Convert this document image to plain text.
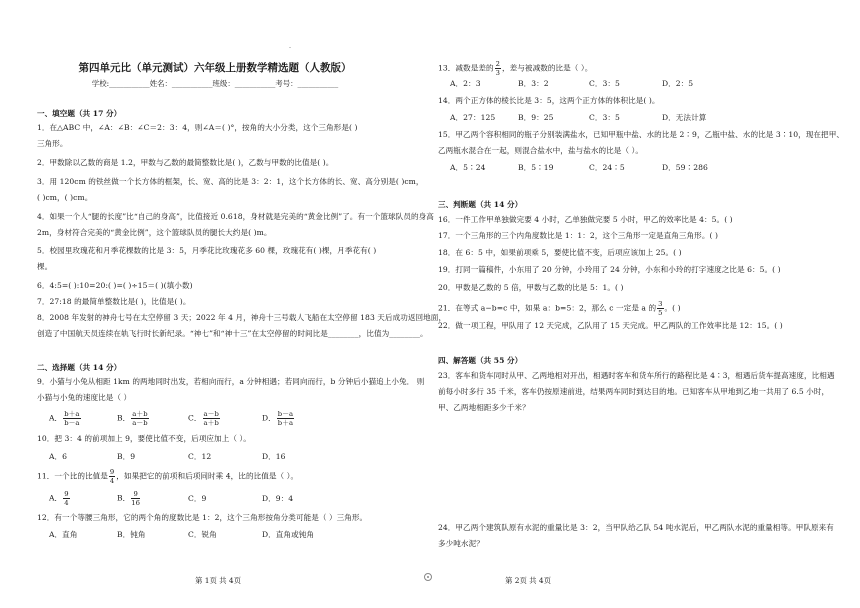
-
第四单元比（单元测试）六年级上册数学精选题（人教版）
学校:___________姓名：___________班级：___________考号：___________
一、填空题（共 17 分）
1．在△ABC 中，∠A：∠B：∠C＝2：3：4，则∠A＝( )°，按角的大小分类，这个三角形是( )
三角形。
2．甲数除以乙数的商是 1.2，甲数与乙数的最简整数比是( )，乙数与甲数的比值是( )。
3．用 120cm 的铁丝做一个长方体的框架，长、宽、高的比是 3：2：1，这个长方体的长、宽、高分别是( )cm，
( )cm，( )cm。
4．如果一个人“腿的长度”比“自己的身高”，比值接近 0.618，身材就是完美的“黄金比例”了。有一个篮球队员的身高
2m，身材符合完美的“黄金比例”，这个篮球队员的腿长大约是( )m。
5．校园里玫瑰花和月季花棵数的比是 3：5，月季花比玫瑰花多 60 棵，玫瑰花有( )棵，月季花有( )
棵。
6．4:5=( ):10=20:( )=( )÷15＝( )(填小数)
7．27:18 的最简单整数比是( )，比值是( )。
8．2008 年发射的神舟七号在太空停留 3 天；2022 年 4 月，神舟十三号载人飞船在太空停留 183 天后成功返回地面，
创造了中国航天员连续在轨飞行时长新纪录。“神七”和“神十三”在太空停留的时间比是________，比值为________。
二、选择题（共 14 分）
9．小猫与小兔从相距 1km 的两地同时出发，若相向而行，a 分钟相遇；若同向而行，b 分钟后小猫追上小兔． 则
小猫与小兔的速度比是（ ）
A． $\frac{b+a}{b-a}$	B． $\frac{a+b}{a-b}$	C． $\frac{a-b}{a+b}$	D． $\frac{b-a}{b+a}$
10．把 3：4 的前项加上 9，要使比值不变，后项应加上（ ）。
A．6	B．9	C．12	D．16
11．一个比的比值是 $\frac{9}{4}$ ，如果把它的前项和后项同时乘 4，比的比值是（ ）。
A． $\frac{9}{4}$	B． $\frac{9}{16}$	C．9	D．9：4
12．有一个等腰三角形，它的两个角的度数比是 1：2，这个三角形按角分类可能是（ ）三角形。
A．直角	B．钝角	C．锐角	D．直角或钝角
第 1页 共 4页
13．减数是差的 $\frac{2}{3}$ ，差与被减数的比是（ ）。
A．2：3	B．3：2	C．3：5	D．2：5
14．两个正方体的棱长比是 3：5，这两个正方体的体积比是( )。
A．27：125	B．9：25	C．3：5	D．无法计算
15．甲乙两个容积相同的瓶子分别装满盐水，已知甲瓶中盐、水的比是 2∶9，乙瓶中盐、水的比是 3∶10，现在把甲、
乙两瓶水混合在一起，则混合盐水中，盐与盐水的比是（ ）。
A．5∶24	B．5∶19	C．24∶5	D．59∶286
三、判断题（共 14 分）
16．一件工作甲单独做完要 4 小时，乙单独做完要 5 小时，甲乙的效率比是 4：5。( )
17．一个三角形的三个内角度数比是 1：1：2，这个三角形一定是直角三角形。( )
18．在 6：5 中，如果前项乘 5，要使比值不变，后项应该加上 25。( )
19．打同一篇稿件，小东用了 20 分钟，小玲用了 24 分钟，小东和小玲的打字速度之比是 6：5。( )
20．甲数是乙数的 5 倍，甲数与乙数的比是 5：1。( )
21．在等式 a−b=c 中，如果 a：b=5：2，那么 c 一定是 a 的 $\frac{3}{5}$ 。( )
22．做一项工程，甲队用了 12 天完成，乙队用了 15 天完成。甲乙两队的工作效率比是 12：15。( )
四、解答题（共 55 分）
23．客车和货车同时从甲、乙两地相对开出，相遇时客车和货车所行的路程比是 4∶3，相遇后货车提高速度，比相遇
前每小时多行 35 千米，客车仍按原速前进，结果两车同时到达目的地。已知客车从甲地到乙地一共用了 6.5 小时，
甲、乙两地相距多少千米？
24．甲乙两个建筑队原有水泥的重量比是 3：2，当甲队给乙队 54 吨水泥后，甲乙两队水泥的重量相等。甲队原来有
多少吨水泥？
第 2页 共 4页
